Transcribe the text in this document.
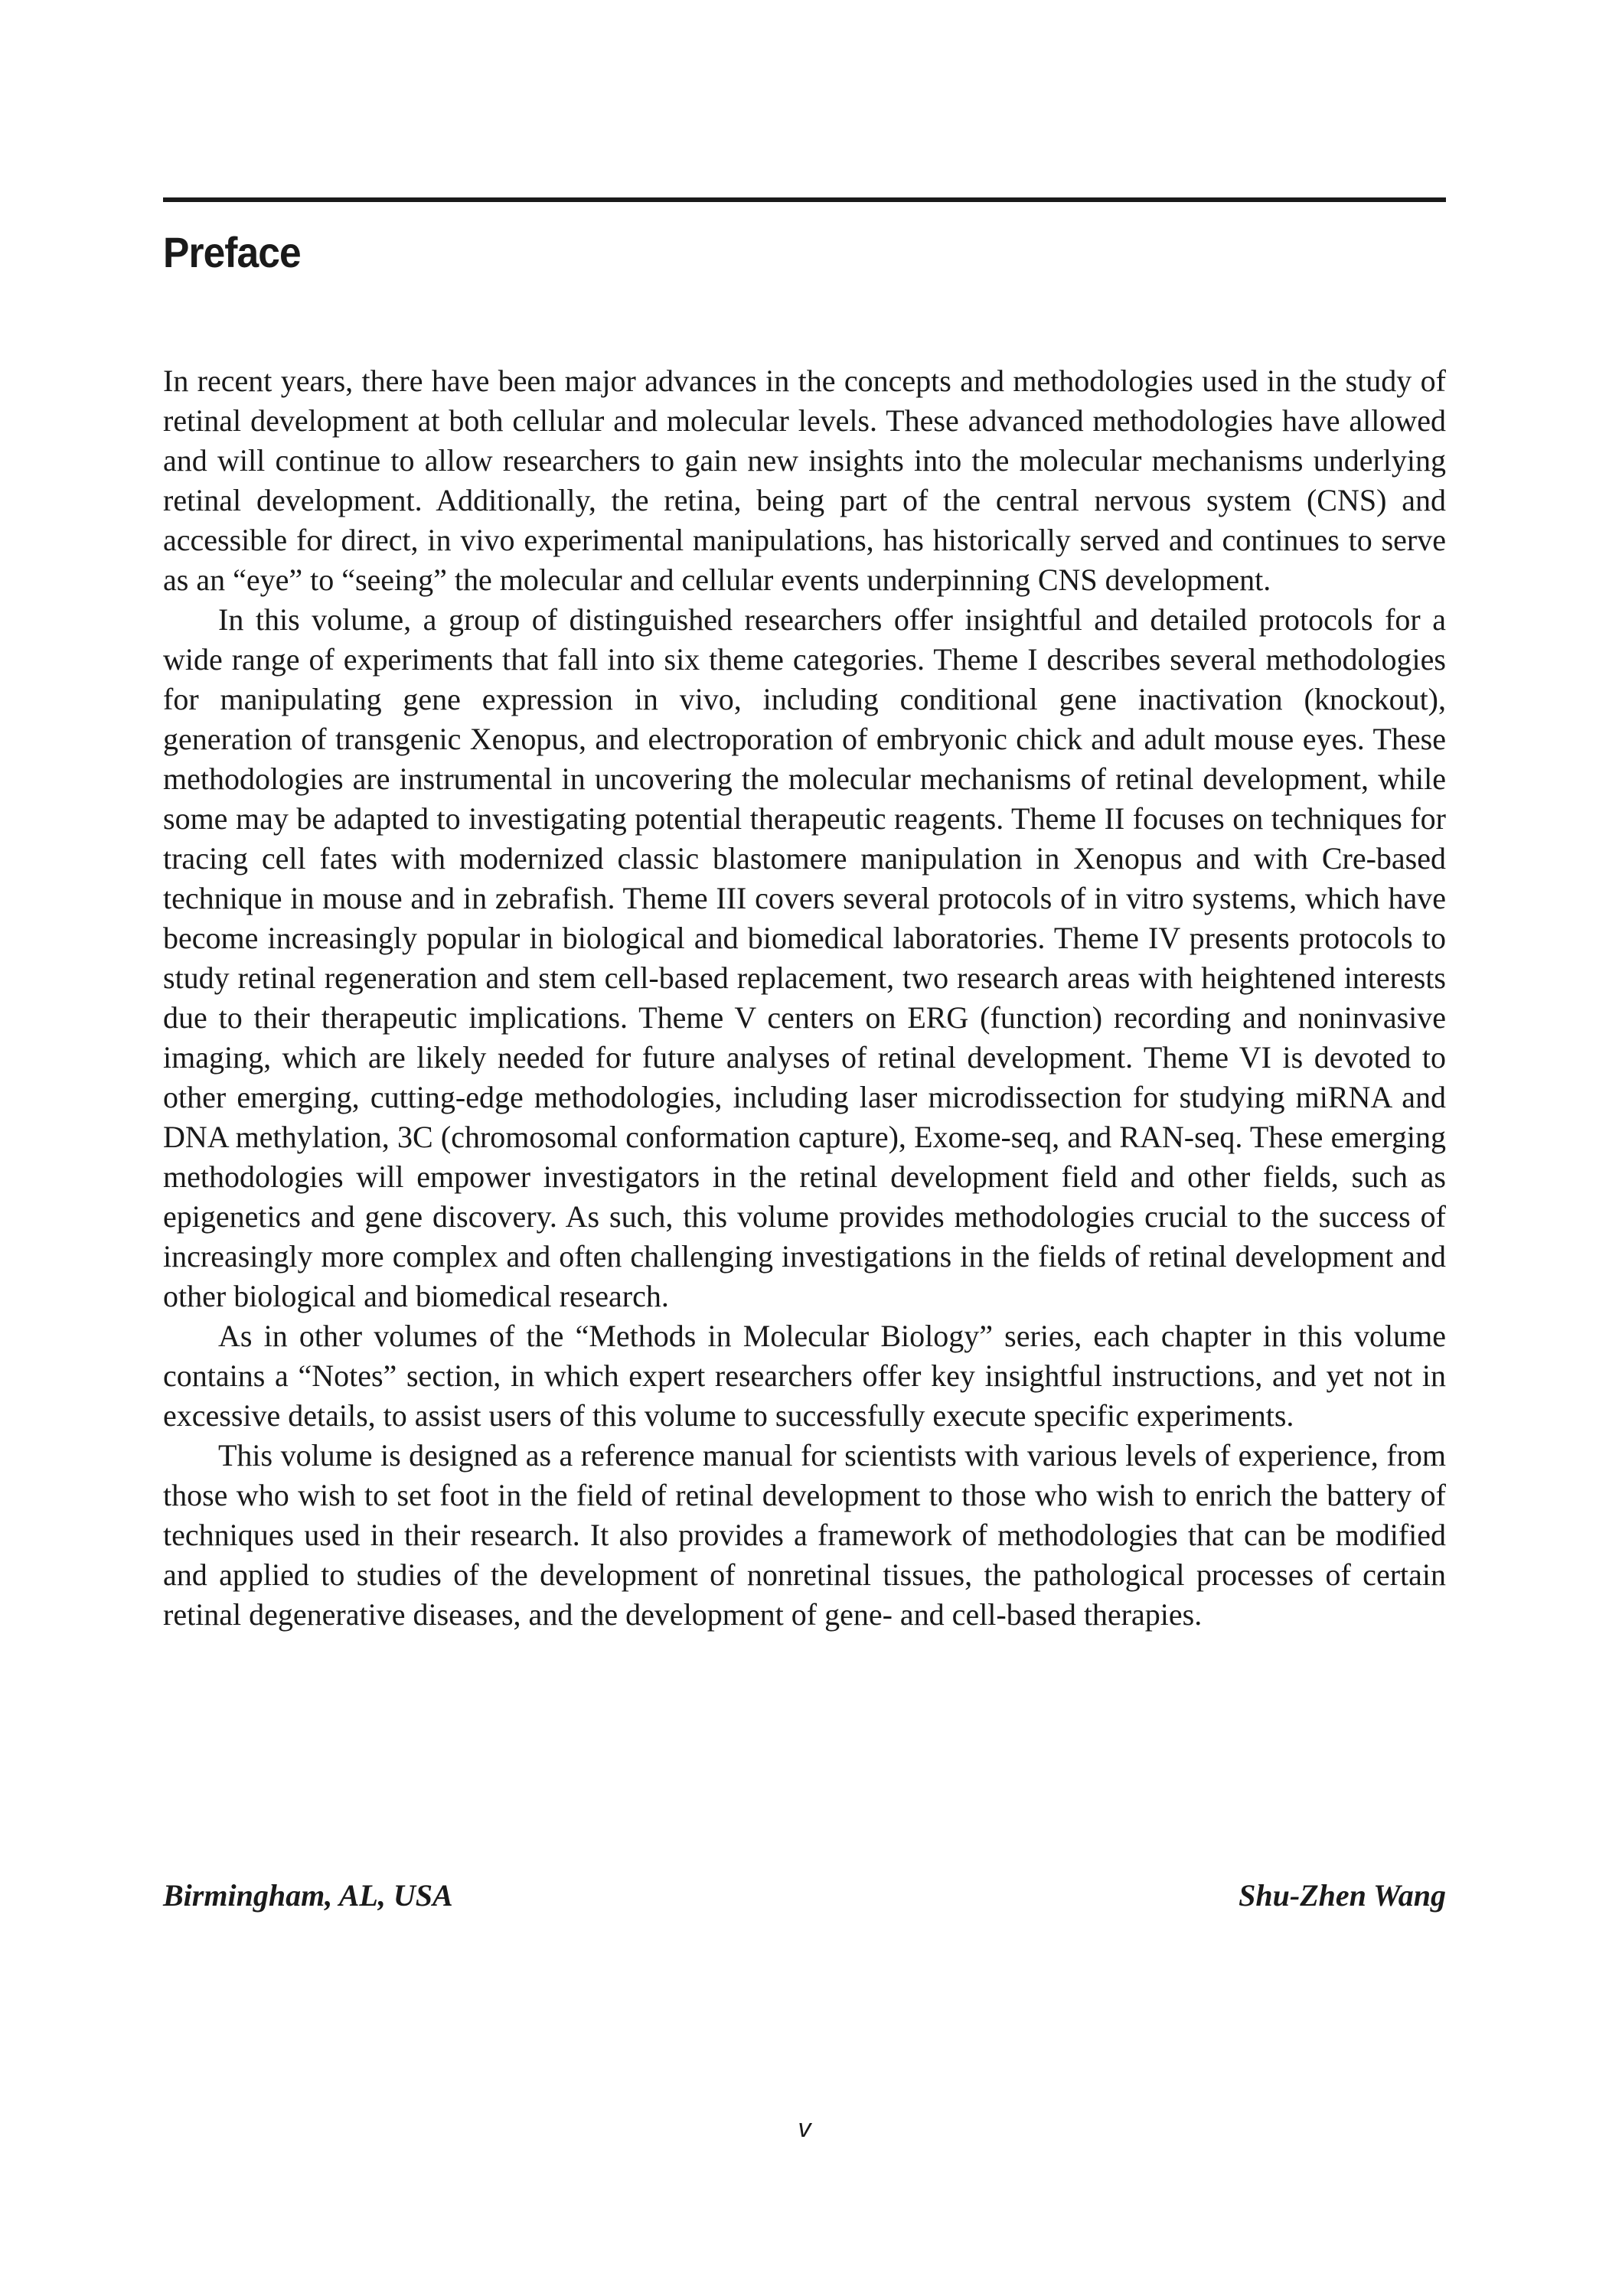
Preface

In recent years, there have been major advances in the concepts and methodologies used in the study of retinal development at both cellular and molecular levels. These advanced methodologies have allowed and will continue to allow researchers to gain new insights into the molecular mechanisms underlying retinal development. Additionally, the retina, being part of the central nervous system (CNS) and accessible for direct, in vivo experimental manipulations, has historically served and continues to serve as an “eye” to “seeing” the molecular and cellular events underpinning CNS development.

In this volume, a group of distinguished researchers offer insightful and detailed protocols for a wide range of experiments that fall into six theme categories. Theme I describes several methodologies for manipulating gene expression in vivo, including conditional gene inactivation (knockout), generation of transgenic Xenopus, and electroporation of embryonic chick and adult mouse eyes. These methodologies are instrumental in uncovering the molecular mechanisms of retinal development, while some may be adapted to investigating potential therapeutic reagents. Theme II focuses on techniques for tracing cell fates with modernized classic blastomere manipulation in Xenopus and with Cre-based technique in mouse and in zebrafish. Theme III covers several protocols of in vitro systems, which have become increasingly popular in biological and biomedical laboratories. Theme IV presents protocols to study retinal regeneration and stem cell-based replacement, two research areas with heightened interests due to their therapeutic implications. Theme V centers on ERG (function) recording and noninvasive imaging, which are likely needed for future analyses of retinal development. Theme VI is devoted to other emerging, cutting-edge methodologies, including laser microdissection for studying miRNA and DNA methylation, 3C (chromosomal conformation capture), Exome-seq, and RAN-seq. These emerging methodologies will empower investigators in the retinal development field and other fields, such as epigenetics and gene discovery. As such, this volume provides methodologies crucial to the success of increasingly more complex and often challenging investigations in the fields of retinal development and other biological and biomedical research.

As in other volumes of the “Methods in Molecular Biology” series, each chapter in this volume contains a “Notes” section, in which expert researchers offer key insightful instructions, and yet not in excessive details, to assist users of this volume to successfully execute specific experiments.

This volume is designed as a reference manual for scientists with various levels of experience, from those who wish to set foot in the field of retinal development to those who wish to enrich the battery of techniques used in their research. It also provides a framework of methodologies that can be modified and applied to studies of the development of nonretinal tissues, the pathological processes of certain retinal degenerative diseases, and the development of gene- and cell-based therapies.

Birmingham, AL, USA	Shu-Zhen Wang
v
